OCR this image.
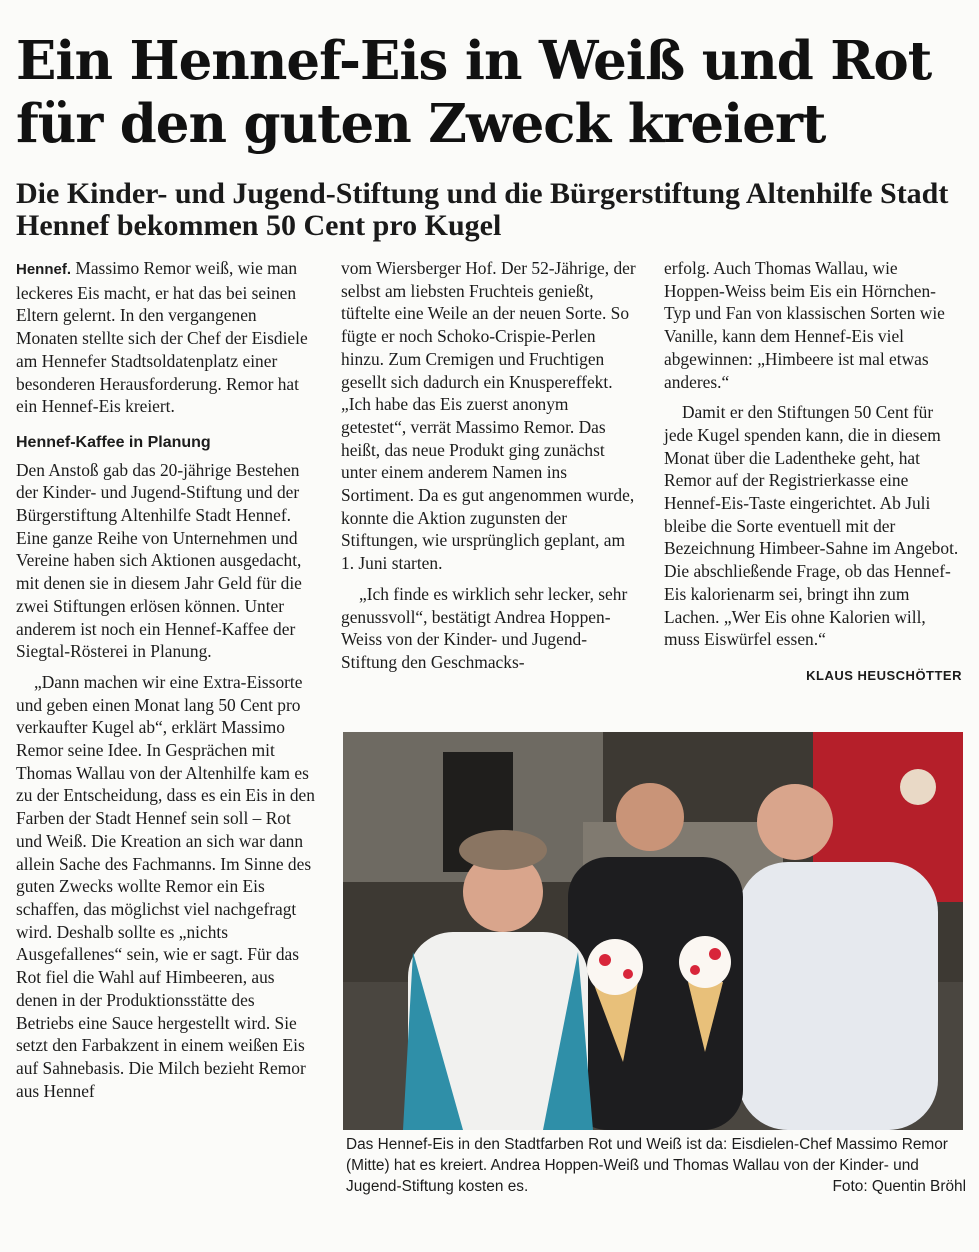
Ein Hennef-Eis in Weiß und Rot für den guten Zweck kreiert
Die Kinder- und Jugend-Stiftung und die Bürgerstiftung Altenhilfe Stadt Hennef bekommen 50 Cent pro Kugel

Hennef. Massimo Remor weiß, wie man leckeres Eis macht, er hat das bei seinen Eltern gelernt. In den vergangenen Monaten stellte sich der Chef der Eisdiele am Hennefer Stadtsoldatenplatz einer besonderen Herausforderung. Remor hat ein Hennef-Eis kreiert.

Hennef-Kaffee in Planung

Den Anstoß gab das 20-jährige Bestehen der Kinder- und Jugend-Stiftung und der Bürgerstiftung Altenhilfe Stadt Hennef. Eine ganze Reihe von Unternehmen und Vereine haben sich Aktionen ausgedacht, mit denen sie in diesem Jahr Geld für die zwei Stiftungen erlösen können. Unter anderem ist noch ein Hennef-Kaffee der Siegtal-Rösterei in Planung.

„Dann machen wir eine Extra-Eissorte und geben einen Monat lang 50 Cent pro verkaufter Kugel ab“, erklärt Massimo Remor seine Idee. In Gesprächen mit Thomas Wallau von der Altenhilfe kam es zu der Entscheidung, dass es ein Eis in den Farben der Stadt Hennef sein soll – Rot und Weiß. Die Kreation an sich war dann allein Sache des Fachmanns. Im Sinne des guten Zwecks wollte Remor ein Eis schaffen, das möglichst viel nachgefragt wird. Deshalb sollte es „nichts Ausgefallenes“ sein, wie er sagt. Für das Rot fiel die Wahl auf Himbeeren, aus denen in der Produktionsstätte des Betriebs eine Sauce hergestellt wird. Sie setzt den Farbakzent in einem weißen Eis auf Sahnebasis. Die Milch bezieht Remor aus Hennef

vom Wiersberger Hof. Der 52-Jährige, der selbst am liebsten Fruchteis genießt, tüftelte eine Weile an der neuen Sorte. So fügte er noch Schoko-Crispie-Perlen hinzu. Zum Cremigen und Fruchtigen gesellt sich dadurch ein Knusperеffekt. „Ich habe das Eis zuerst anonym getestet“, verrät Massimo Remor. Das heißt, das neue Produkt ging zunächst unter einem anderem Namen ins Sortiment. Da es gut angenommen wurde, konnte die Aktion zugunsten der Stiftungen, wie ursprünglich geplant, am 1. Juni starten.

„Ich finde es wirklich sehr lecker, sehr genussvoll“, bestätigt Andrea Hoppen-Weiss von der Kinder- und Jugend-Stiftung den Geschmacks-

erfolg. Auch Thomas Wallau, wie Hoppen-Weiss beim Eis ein Hörnchen-Typ und Fan von klassischen Sorten wie Vanille, kann dem Hennef-Eis viel abgewinnen: „Himbeere ist mal etwas anderes.“

Damit er den Stiftungen 50 Cent für jede Kugel spenden kann, die in diesem Monat über die Ladentheke geht, hat Remor auf der Registrierkasse eine Hennef-Eis-Taste eingerichtet. Ab Juli bleibe die Sorte eventuell mit der Bezeichnung Himbeer-Sahne im Angebot. Die abschließende Frage, ob das Hennef-Eis kalorienarm sei, bringt ihn zum Lachen. „Wer Eis ohne Kalorien will, muss Eiswürfel essen.“

KLAUS HEUSCHÖTTER

Das Hennef-Eis in den Stadtfarben Rot und Weiß ist da: Eisdielen-Chef Massimo Remor (Mitte) hat es kreiert. Andrea Hoppen-Weiß und Thomas Wallau von der Kinder- und Jugend-Stiftung kosten es.	Foto: Quentin Bröhl
